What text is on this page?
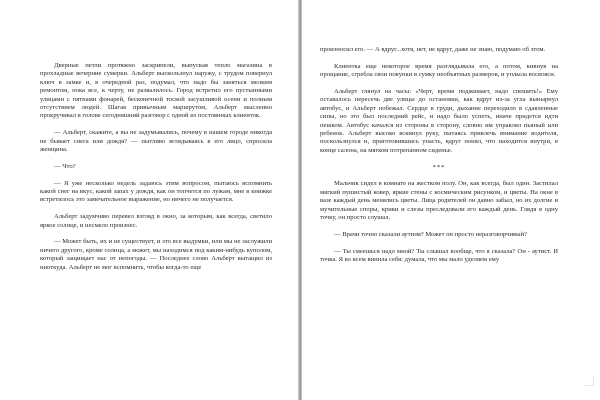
Дверные петли протяжно заскрипели, выпуская тепло магазина в прохладные вечерние сумерки. Альберт выскользнул наружу, с трудом повернул ключ в замке и, в очередной раз, подумал, что надо бы заняться мелким ремонтом, пока все, к черту, не развалилось. Город встретил его пустынными улицами с пятнами фонарей, бесконечной тоской засушливой осени и полным отсутствием людей. Шагая привычным маршрутом, Альберт мысленно прокручивал в голове сегодняшний разговор с одной из постоянных клиенток.

— Альберт, скажите, а вы не задумывались, почему в нашем городе никогда не бывает снега или дождя? — пытливо вглядываясь в его лицо, спросила женщина.

— Что?

— Я уже несколько недель задаюсь этим вопросом, пытаюсь вспомнить какой снег на вкус, какой запах у дождя, как он топчется по лужам, мне в книжке встретилось это замечательное выражение, но ничего не получается.

Альберт задумчиво перевел взгляд в окно, за которым, как всегда, светило яркое солнце, и несмело произнес.

— Может быть, их и не существует, и это все выдумки, или мы не заслужили ничего другого, кроме солнца, а может, мы находимся под каким-нибудь куполом, который защищает нас от непогоды. — Последнее слово Альберт вытащил из ниоткуда. Альберт не мог вспомнить, чтобы когда-то еще

произносил его. — А вдруг...хотя, нет, не вдруг, даже не знаю, подумаю об этом.

Клиентка еще некоторое время разглядывала его, а потом, кивнув на прощание, сгребла свои покупки в сумку необъятных размеров, и уплыла восвояси.

Альберт глянул на часы: «Черт, время поджимает, надо спешить!» Ему оставалось пересечь две улицы до остановки, как вдруг из-за угла вынырнул автобус, и Альберт побежал. Сердце в груди, дыхание переходило в сдавленные сипы, но это был последний рейс, и надо было успеть, иначе придется идти пешком. Автобус качался из стороны в сторону, словно им управлял пьяный или ребенок. Альберт высоко вскинул руку, пытаясь привлечь внимание водителя, поскользнулся и, приготовившись упасть, вдруг понял, что находится внутри, в конце салона, на мягком потрепанном сиденье.

***

Мальчик сидел в комнате на жестком полу. Он, как всегда, был один. Застилал мягкий пушистый ковер, яркие стены с космическим рисунком, и цветы. На окне в вазе каждый день менялись цветы. Лица родителей он давно забыл, но их долгие и мучительные споры, крики и слезы преследовали его каждый день. Глядя в одну точку, он просто слушал.

— Врачи точно сказали аутизм? Может он просто неразговорчивый?

— Ты смеешься надо мной? Ты слышал вообще, что я сказала? Он - аутист. И точка. Я во всем винила себя: думала, что мы мало уделяем ему
